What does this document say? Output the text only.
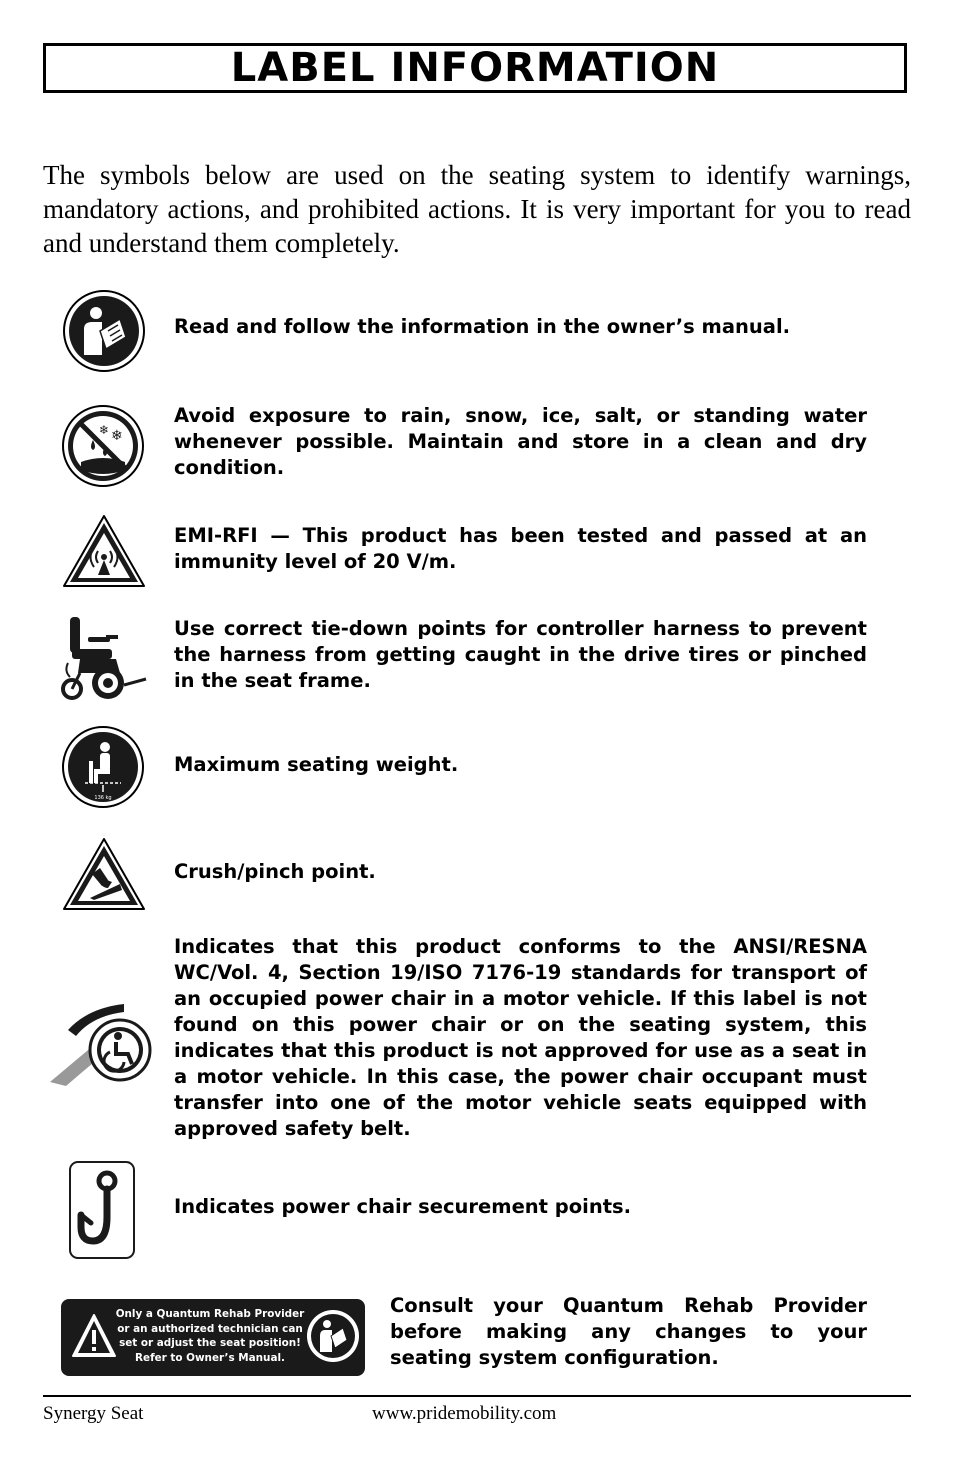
LABEL INFORMATION

The symbols below are used on the seating system to identify warnings, mandatory actions, and prohibited actions. It is very important for you to read and understand them completely.

Read and follow the information in the owner’s manual.

❄ ❄

Avoid exposure to rain, snow, ice, salt, or standing water whenever possible. Maintain and store in a clean and dry condition.

EMI-RFI — This product has been tested and passed at an immunity level of 20 V/m.

Use correct tie-down points for controller harness to prevent the harness from getting caught in the drive tires or pinched in the seat frame.

136 kg

Maximum seating weight.

Crush/pinch point.

Indicates that this product conforms to the ANSI/RESNA WC/Vol. 4, Section 19/ISO 7176-19 standards for transport of an occupied power chair in a motor vehicle. If this label is not found on this power chair or on the seating system, this indicates that this product is not approved for use as a seat in a motor vehicle. In this case, the power chair occupant must transfer into one of the motor vehicle seats equipped with approved safety belt.

Indicates power chair securement points.

Only a Quantum Rehab Provider
or an authorized technician can
set or adjust the seat position!
Refer to Owner’s Manual.

Consult your Quantum Rehab Provider before making any changes to your seating system configuration.

Synergy Seat	www.pridemobility.com
